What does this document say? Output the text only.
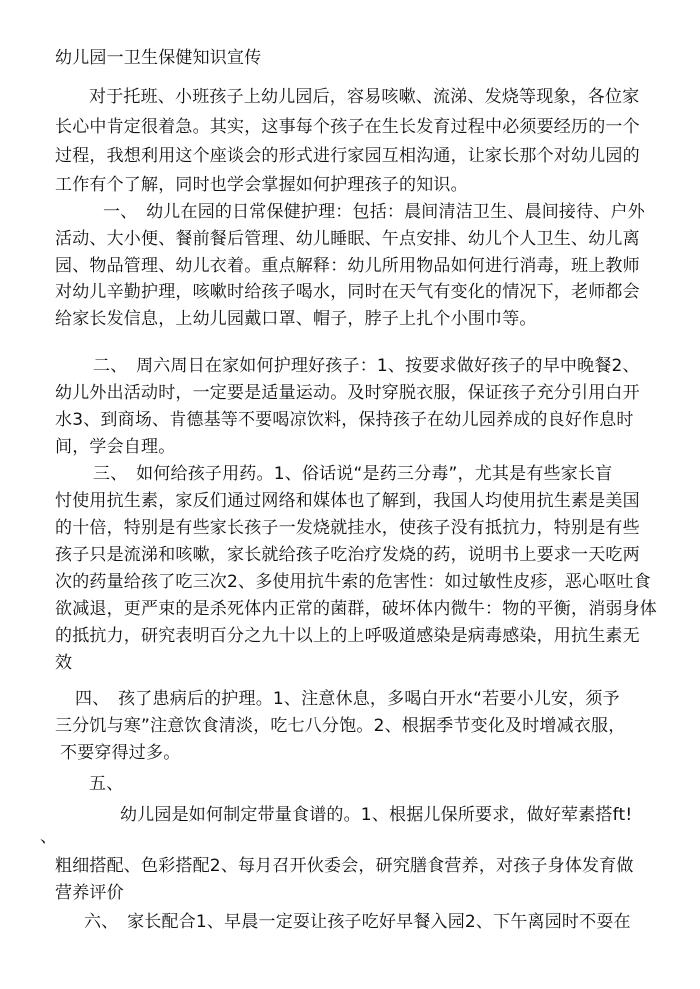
幼儿园一卫生保健知识宣传
对于托班、小班孩子上幼儿园后，容易咳嗽、流涕、发烧等现象，各位家
长心中肯定很着急。其实，这事每个孩子在生长发育过程中必须要经历的一个
过程，我想利用这个座谈会的形式进行家园互相沟通，让家长那个对幼儿园的
工作有个了解，同时也学会掌握如何护理孩子的知识。
一、　幼儿在园的日常保健护理：包括：晨间清洁卫生、晨间接待、户外
活动、大小便、餐前餐后管理、幼儿睡眠、午点安排、幼儿个人卫生、幼儿离
园、物品管理、幼儿衣着。重点解释：幼儿所用物品如何进行消毒，班上教师
对幼儿辛勤护理，咳嗽时给孩子喝水，同时在天气有变化的情况下，老师都会
给家长发信息，上幼儿园戴口罩、帽子，脖子上扎个小围巾等。
二、　周六周日在家如何护理好孩子：1、按要求做好孩子的早中晚餐2、
幼儿外出活动时，一定要是适量运动。及时穿脱衣服，保证孩子充分引用白开
水3、到商场、肯德基等不要喝凉饮料，保持孩子在幼儿园养成的良好作息时
间，学会自理。
三、　如何给孩子用药。1、俗话说“是药三分毒”，尤其是有些家长盲
忖使用抗生素，家反们通过网络和媒体也了解到，我国人均使用抗生素是美国
的十倍，特别是有些家长孩子一发烧就挂水，使孩子没有抵抗力，特别是有些
孩子只是流涕和咳嗽，家长就给孩子吃治疗发烧的药，说明书上要求一天吃两
次的药量给孩了吃三次2、多使用抗牛索的危害性：如过敏性皮疹，恶心呕吐食
欲减退，更严束的是杀死体内正常的菌群，破坏体内微牛：物的平衡，消弱身体
的抵抗力，研究表明百分之九十以上的上呼吸道感染是病毒感染，用抗生素无
效
四、　孩了患病后的护理。1、注意休息，多喝白开水“若要小儿安，须予
三分饥与寒”注意饮食清淡，吃七八分饱。2、根据季节变化及时增减衣服，
不要穿得过多。
五、
幼儿园是如何制定带量食谱的。1、根据儿保所要求，做好荤素搭ft!
、
粗细搭配、色彩搭配2、每月召开伙委会，研究膳食营养，对孩子身体发育做
营养评价
六、　家长配合1、早晨一定耍让孩子吃好早餐入园2、下午离园时不耍在
